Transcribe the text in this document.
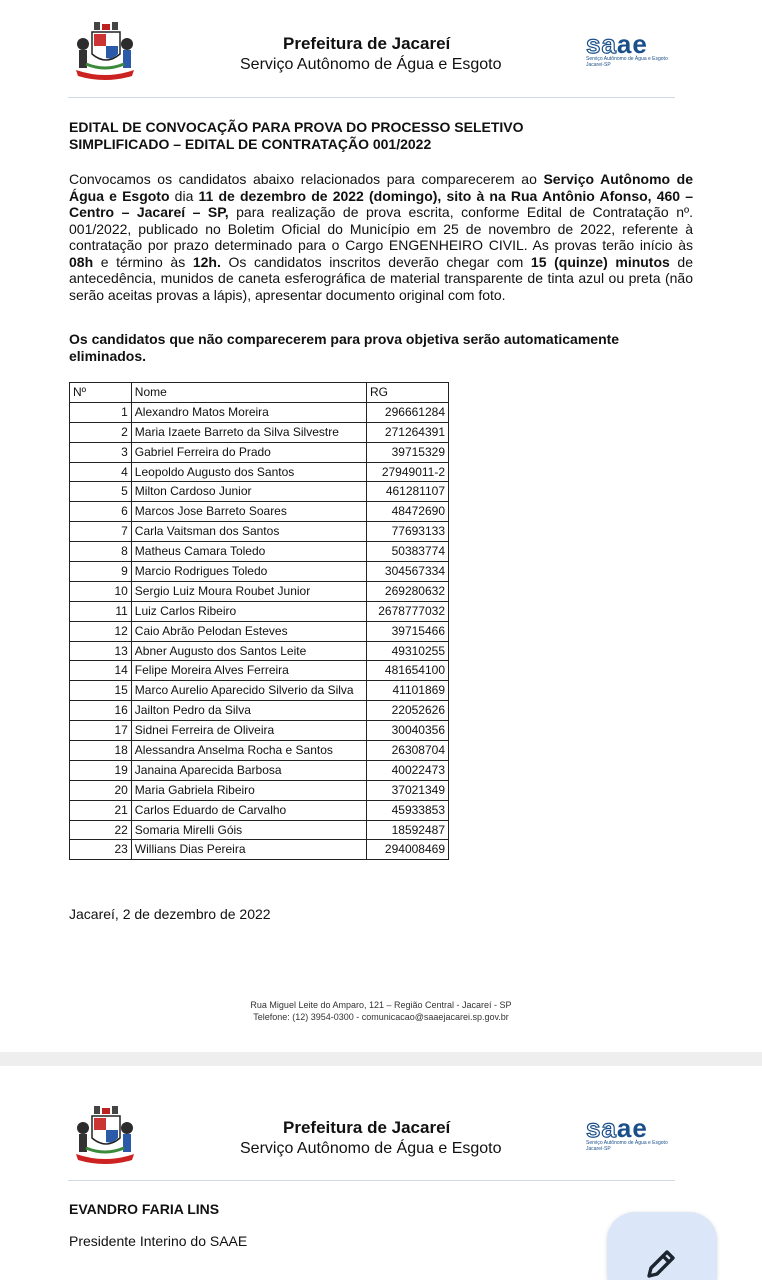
Prefeitura de Jacareí
Serviço Autônomo de Água e Esgoto
saae
Serviço Autônomo de Água e Esgoto
Jacareí-SP
EDITAL DE CONVOCAÇÃO PARA PROVA DO PROCESSO SELETIVO
SIMPLIFICADO – EDITAL DE CONTRATAÇÃO 001/2022
Convocamos os candidatos abaixo relacionados para comparecerem ao Serviço Autônomo de Água e Esgoto dia 11 de dezembro de 2022 (domingo), sito à na Rua Antônio Afonso, 460 – Centro – Jacareí – SP, para realização de prova escrita, conforme Edital de Contratação nº. 001/2022, publicado no Boletim Oficial do Município em 25 de novembro de 2022, referente à contratação por prazo determinado para o Cargo ENGENHEIRO CIVIL. As provas terão início às 08h e término às 12h. Os candidatos inscritos deverão chegar com 15 (quinze) minutos de antecedência, munidos de caneta esferográfica de material transparente de tinta azul ou preta (não serão aceitas provas a lápis), apresentar documento original com foto.
Os candidatos que não comparecerem para prova objetiva serão automaticamente eliminados.
Nº	Nome	RG
1	Alexandro Matos Moreira	296661284
2	Maria Izaete Barreto da Silva Silvestre	271264391
3	Gabriel Ferreira do Prado	39715329
4	Leopoldo Augusto dos Santos	27949011-2
5	Milton Cardoso Junior	461281107
6	Marcos Jose Barreto Soares	48472690
7	Carla Vaitsman dos Santos	77693133
8	Matheus Camara Toledo	50383774
9	Marcio Rodrigues Toledo	304567334
10	Sergio Luiz Moura Roubet Junior	269280632
11	Luiz Carlos Ribeiro	2678777032
12	Caio Abrão Pelodan Esteves	39715466
13	Abner Augusto dos Santos Leite	49310255
14	Felipe Moreira Alves Ferreira	481654100
15	Marco Aurelio Aparecido Silverio da Silva	41101869
16	Jailton Pedro da Silva	22052626
17	Sidnei Ferreira de Oliveira	30040356
18	Alessandra Anselma Rocha e Santos	26308704
19	Janaina Aparecida Barbosa	40022473
20	Maria Gabriela Ribeiro	37021349
21	Carlos Eduardo de Carvalho	45933853
22	Somaria Mirelli Góis	18592487
23	Willians Dias Pereira	294008469
Jacareí, 2 de dezembro de 2022
Rua Miguel Leite do Amparo, 121 – Região Central - Jacareí - SP
Telefone: (12) 3954-0300 - comunicacao@saaejacarei.sp.gov.br
Prefeitura de Jacareí
Serviço Autônomo de Água e Esgoto
saae
Serviço Autônomo de Água e Esgoto
Jacareí-SP
EVANDRO FARIA LINS
Presidente Interino do SAAE
